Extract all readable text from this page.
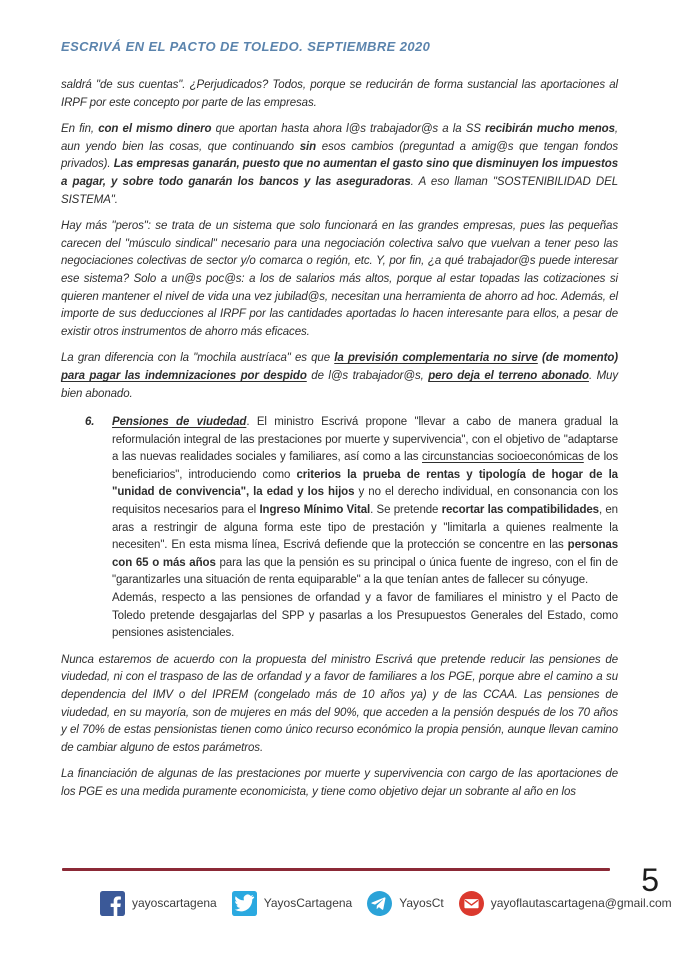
ESCRIVÁ EN EL PACTO DE TOLEDO. SEPTIEMBRE 2020

saldrá "de sus cuentas". ¿Perjudicados? Todos, porque se reducirán de forma sustancial las aportaciones al IRPF por este concepto por parte de las empresas.

En fin, con el mismo dinero que aportan hasta ahora l@s trabajador@s a la SS recibirán mucho menos, aun yendo bien las cosas, que continuando sin esos cambios (preguntad a amig@s que tengan fondos privados). Las empresas ganarán, puesto que no aumentan el gasto sino que disminuyen los impuestos a pagar, y sobre todo ganarán los bancos y las aseguradoras. A eso llaman "SOSTENIBILIDAD DEL SISTEMA".

Hay más "peros": se trata de un sistema que solo funcionará en las grandes empresas, pues las pequeñas carecen del "músculo sindical" necesario para una negociación colectiva salvo que vuelvan a tener peso las negociaciones colectivas de sector y/o comarca o región, etc. Y, por fin, ¿a qué trabajador@s puede interesar ese sistema? Solo a un@s poc@s: a los de salarios más altos, porque al estar topadas las cotizaciones si quieren mantener el nivel de vida una vez jubilad@s, necesitan una herramienta de ahorro ad hoc. Además, el importe de sus deducciones al IRPF por las cantidades aportadas lo hacen interesante para ellos, a pesar de existir otros instrumentos de ahorro más eficaces.

La gran diferencia con la "mochila austríaca" es que la previsión complementaria no sirve (de momento) para pagar las indemnizaciones por despido de l@s trabajador@s, pero deja el terreno abonado. Muy bien abonado.

6.	Pensiones de viudedad. El ministro Escrivá propone "llevar a cabo de manera gradual la reformulación integral de las prestaciones por muerte y supervivencia", con el objetivo de "adaptarse a las nuevas realidades sociales y familiares, así como a las circunstancias socioeconómicas de los beneficiarios", introduciendo como criterios la prueba de rentas y tipología de hogar de la "unidad de convivencia", la edad y los hijos y no el derecho individual, en consonancia con los requisitos necesarios para el Ingreso Mínimo Vital. Se pretende recortar las compatibilidades, en aras a restringir de alguna forma este tipo de prestación y "limitarla a quienes realmente la necesiten". En esta misma línea, Escrivá defiende que la protección se concentre en las personas con 65 o más años para las que la pensión es su principal o única fuente de ingreso, con el fin de "garantizarles una situación de renta equiparable" a la que tenían antes de fallecer su cónyuge.

Además, respecto a las pensiones de orfandad y a favor de familiares el ministro y el Pacto de Toledo pretende desgajarlas del SPP y pasarlas a los Presupuestos Generales del Estado, como pensiones asistenciales.

Nunca estaremos de acuerdo con la propuesta del ministro Escrivá que pretende reducir las pensiones de viudedad, ni con el traspaso de las de orfandad y a favor de familiares a los PGE, porque abre el camino a su dependencia del IMV o del IPREM (congelado más de 10 años ya) y de las CCAA. Las pensiones de viudedad, en su mayoría, son de mujeres en más del 90%, que acceden a la pensión después de los 70 años y el 70% de estas pensionistas tienen como único recurso económico la propia pensión, aunque llevan camino de cambiar alguno de estos parámetros.

La financiación de algunas de las prestaciones por muerte y supervivencia con cargo de las aportaciones de los PGE es una medida puramente economicista, y tiene como objetivo dejar un sobrante al año en los

yayoscartagena	YayosCartagena	YayosCt	yayoflautascartagena@gmail.com
5
